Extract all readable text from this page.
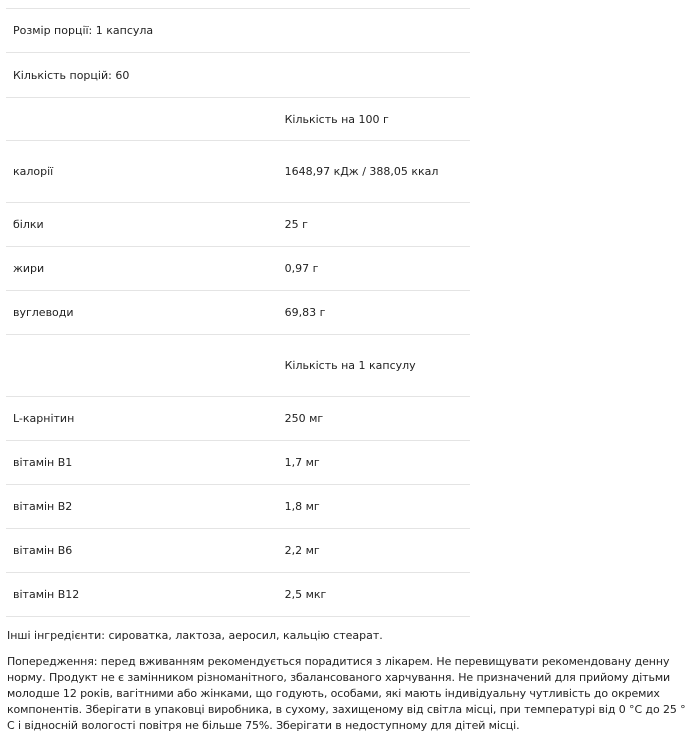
Розмір порції: 1 капсула	
Кількість порцій: 60	
	Кількість на 100 г
калорії	1648,97 кДж / 388,05 ккал
білки	25 г
жири	0,97 г
вуглеводи	69,83 г
	Кількість на 1 капсулу
L-карнітин	250 мг
вітамін В1	1,7 мг
вітамін В2	1,8 мг
вітамін В6	2,2 мг
вітамін В12	2,5 мкг

Інші інгредієнти: сироватка, лактоза, аеросил, кальцію стеарат.

Попередження: перед вживанням рекомендується порадитися з лікарем. Не перевищувати рекомендовану денну норму. Продукт не є замінником різноманітного, збалансованого харчування. Не призначений для прийому дітьми молодше 12 років, вагітними або жінками, що годують, особами, які мають індивідуальну чутливість до окремих компонентів. Зберігати в упаковці виробника, в сухому, захищеному від світла місці, при температурі від 0 °С до 25 ° С і відносній вологості повітря не більше 75%. Зберігати в недоступному для дітей місці.
